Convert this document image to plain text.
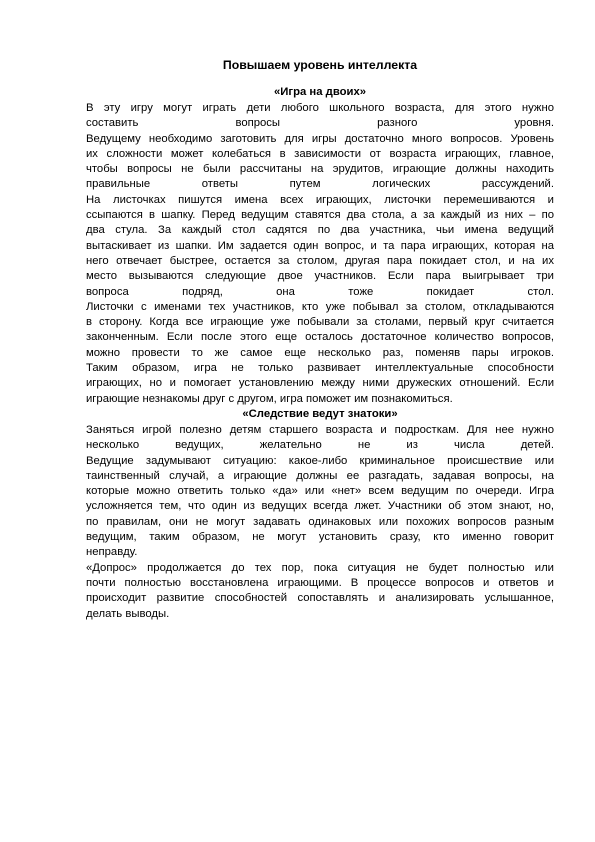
Повышаем уровень интеллекта
«Игра на двоих»
В эту игру могут играть дети любого школьного возраста, для этого нужно
составить вопросы разного уровня.
Ведущему необходимо заготовить для игры достаточно много вопросов. Уровень
их сложности может колебаться в зависимости от возраста играющих, главное,
чтобы вопросы не были рассчитаны на эрудитов, играющие должны находить
правильные ответы путем логических рассуждений.
На листочках пишутся имена всех играющих, листочки перемешиваются и
ссыпаются в шапку. Перед ведущим ставятся два стола, а за каждый из них – по
два стула. За каждый стол садятся по два участника, чьи имена ведущий
вытаскивает из шапки. Им задается один вопрос, и та пара играющих, которая на
него отвечает быстрее, остается за столом, другая пара покидает стол, и на их
место вызываются следующие двое участников. Если пара выигрывает три
вопроса подряд, она тоже покидает стол.
Листочки с именами тех участников, кто уже побывал за столом, откладываются
в сторону. Когда все играющие уже побывали за столами, первый круг считается
законченным. Если после этого еще осталось достаточное количество вопросов,
можно провести то же самое еще несколько раз, поменяв пары игроков.
Таким образом, игра не только развивает интеллектуальные способности
играющих, но и помогает установлению между ними дружеских отношений. Если
играющие незнакомы друг с другом, игра поможет им познакомиться.
«Следствие ведут знатоки»
Заняться игрой полезно детям старшего возраста и подросткам. Для нее нужно
несколько ведущих, желательно не из числа детей.
Ведущие задумывают ситуацию: какое-либо криминальное происшествие или
таинственный случай, а играющие должны ее разгадать, задавая вопросы, на
которые можно ответить только «да» или «нет» всем ведущим по очереди. Игра
усложняется тем, что один из ведущих всегда лжет. Участники об этом знают, но,
по правилам, они не могут задавать одинаковых или похожих вопросов разным
ведущим, таким образом, не могут установить сразу, кто именно говорит
неправду.
«Допрос» продолжается до тех пор, пока ситуация не будет полностью или
почти полностью восстановлена играющими. В процессе вопросов и ответов и
происходит развитие способностей сопоставлять и анализировать услышанное,
делать выводы.
